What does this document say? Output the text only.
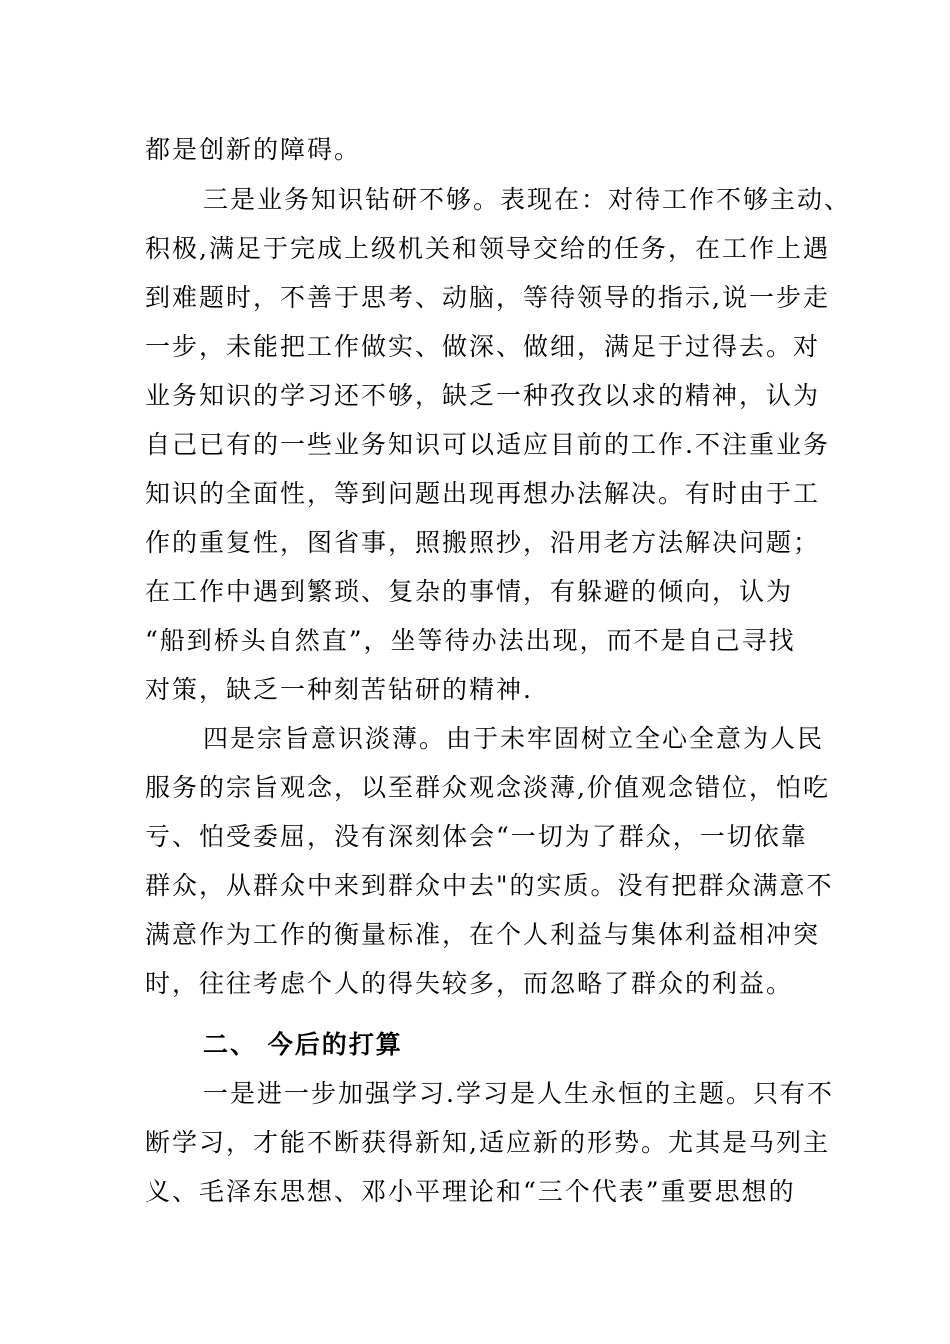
都是创新的障碍。
三是业务知识钻研不够。表现在：对待工作不够主动、
积极,满足于完成上级机关和领导交给的任务，在工作上遇
到难题时，不善于思考、动脑，等待领导的指示,说一步走
一步，未能把工作做实、做深、做细，满足于过得去。对
业务知识的学习还不够，缺乏一种孜孜以求的精神，认为
自己已有的一些业务知识可以适应目前的工作.不注重业务
知识的全面性，等到问题出现再想办法解决。有时由于工
作的重复性，图省事，照搬照抄，沿用老方法解决问题；
在工作中遇到繁琐、复杂的事情，有躲避的倾向，认为
“船到桥头自然直”，坐等待办法出现，而不是自己寻找
对策，缺乏一种刻苦钻研的精神.
四是宗旨意识淡薄。由于未牢固树立全心全意为人民
服务的宗旨观念，以至群众观念淡薄,价值观念错位，怕吃
亏、怕受委屈，没有深刻体会“一切为了群众，一切依靠
群众，从群众中来到群众中去"的实质。没有把群众满意不
满意作为工作的衡量标准，在个人利益与集体利益相冲突
时，往往考虑个人的得失较多，而忽略了群众的利益。
二、 今后的打算
一是进一步加强学习.学习是人生永恒的主题。只有不
断学习，才能不断获得新知,适应新的形势。尤其是马列主
义、毛泽东思想、邓小平理论和“三个代表”重要思想的
